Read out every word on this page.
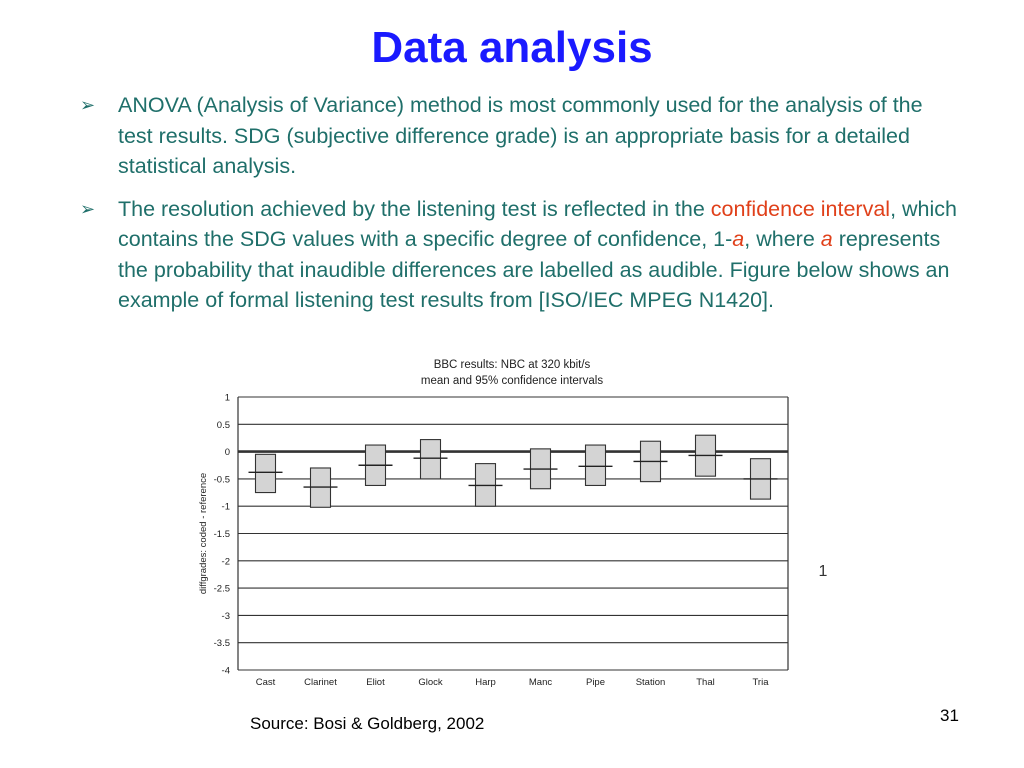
Data analysis
➢ ANOVA (Analysis of Variance) method is most commonly used for the analysis of the test results. SDG (subjective difference grade) is an appropriate basis for a detailed statistical analysis.
➢ The resolution achieved by the listening test is reflected in the confidence interval, which contains the SDG values with a specific degree of confidence, 1-a, where a represents the probability that inaudible differences are labelled as audible. Figure below shows an example of formal listening test results from [ISO/IEC MPEG N1420].
BBC results: NBC at 320 kbit/s
mean and 95% confidence intervals
1
0.5
0
-0.5
-1
-1.5
-2
-2.5
-3
-3.5
-4
diffgrades: coded - reference
Cast	Clarinet	Eliot	Glock	Harp	Manc	Pipe	Station	Thal	Tria
1
Source: Bosi & Goldberg, 2002	31
